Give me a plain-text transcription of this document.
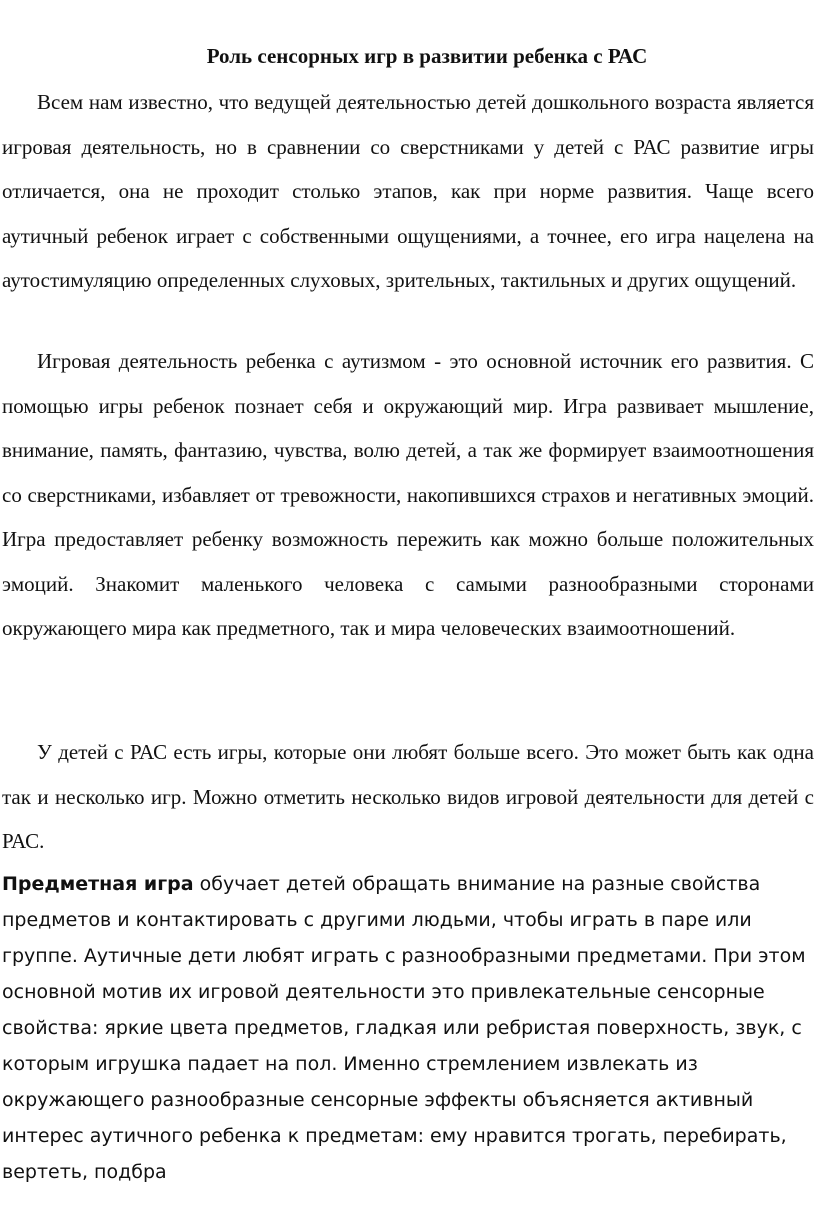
Роль сенсорных игр в развитии ребенка с РАС

Всем нам известно, что ведущей деятельностью детей дошкольного возраста является игровая деятельность, но в сравнении со сверстниками у детей с РАС развитие игры отличается, она не проходит столько этапов, как при норме развития. Чаще всего аутичный ребенок играет с собственными ощущениями, а точнее, его игра нацелена на аутостимуляцию определенных слуховых, зрительных, тактильных и других ощущений.

Игровая деятельность ребенка с аутизмом - это основной источник его развития. С помощью игры ребенок познает себя и окружающий мир. Игра развивает мышление, внимание, память, фантазию, чувства, волю детей, а так же формирует взаимоотношения со сверстниками, избавляет от тревожности, накопившихся страхов и негативных эмоций. Игра предоставляет ребенку возможность пережить как можно больше положительных эмоций. Знакомит маленького человека с самыми разнообразными сторонами окружающего мира как предметного, так и мира человеческих взаимоотношений.

У детей с РАС есть игры, которые они любят больше всего. Это может быть как одна так и несколько игр. Можно отметить несколько видов игровой деятельности для детей с РАС.

Предметная игра обучает детей обращать внимание на разные свойства предметов и контактировать с другими людьми, чтобы играть в паре или группе. Аутичные дети любят играть с разнообразными предметами. При этом основной мотив их игровой деятельности это привлекательные сенсорные свойства: яркие цвета предметов, гладкая или ребристая поверхность, звук, с которым игрушка падает на пол. Именно стремлением извлекать из окружающего разнообразные сенсорные эффекты объясняется активный интерес аутичного ребенка к предметам: ему нравится трогать, перебирать, вертеть, подбра
